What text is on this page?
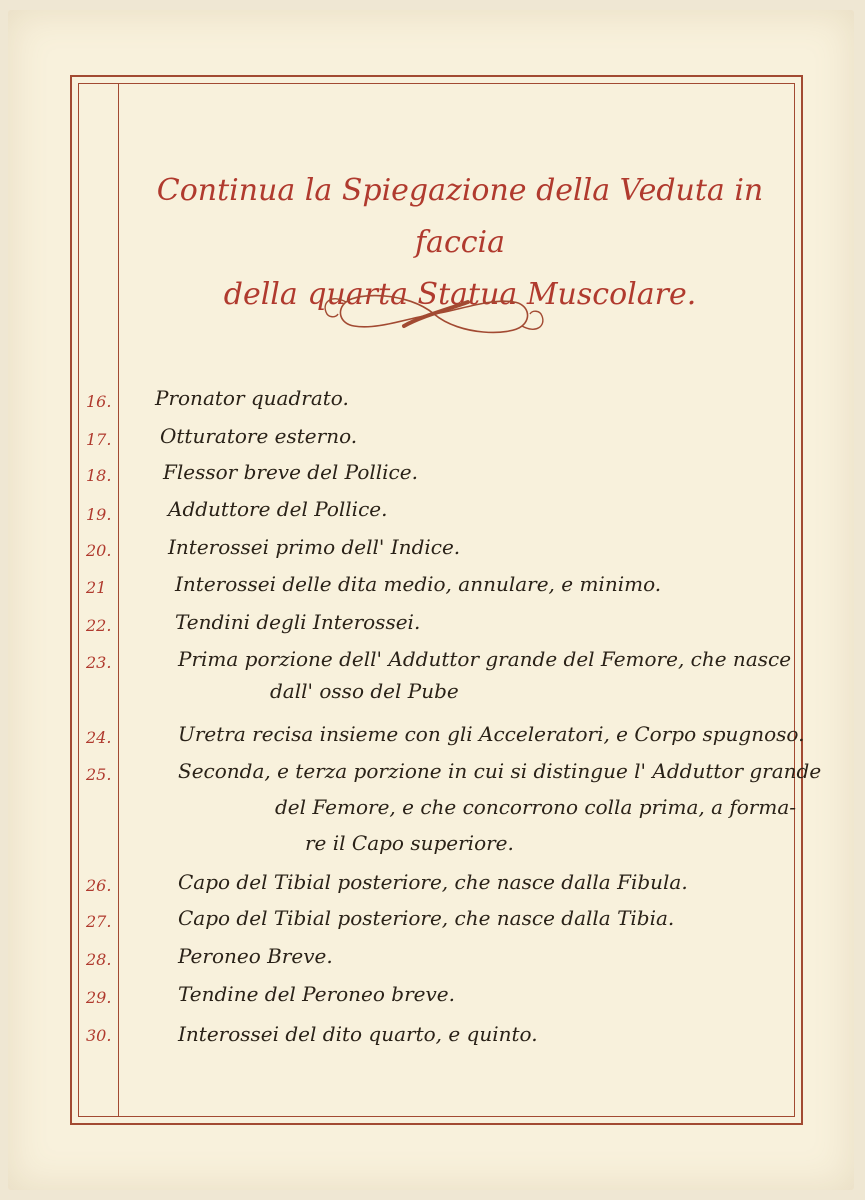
Continua la Spiegazione della Veduta in faccia
della quarta Statua Muscolare.
16.	Pronator quadrato.
17.	Otturatore esterno.
18.	Flessor breve del Pollice.
19.	Adduttore del Pollice.
20.	Interossei primo dell' Indice.
21	Interossei delle dita medio, annulare, e minimo.
22.	Tendini degli Interossei.
23.	Prima porzione dell' Adduttor grande del Femore, che nasce
dall' osso del Pube
24.	Uretra recisa insieme con gli Acceleratori, e Corpo spugnoso.
25.	Seconda, e terza porzione in cui si distingue l' Adduttor grande
del Femore, e che concorrono colla prima, a forma-
re il Capo superiore.
26.	Capo del Tibial posteriore, che nasce dalla Fibula.
27.	Capo del Tibial posteriore, che nasce dalla Tibia.
28.	Peroneo Breve.
29.	Tendine del Peroneo breve.
30.	Interossei del dito quarto, e quinto.
